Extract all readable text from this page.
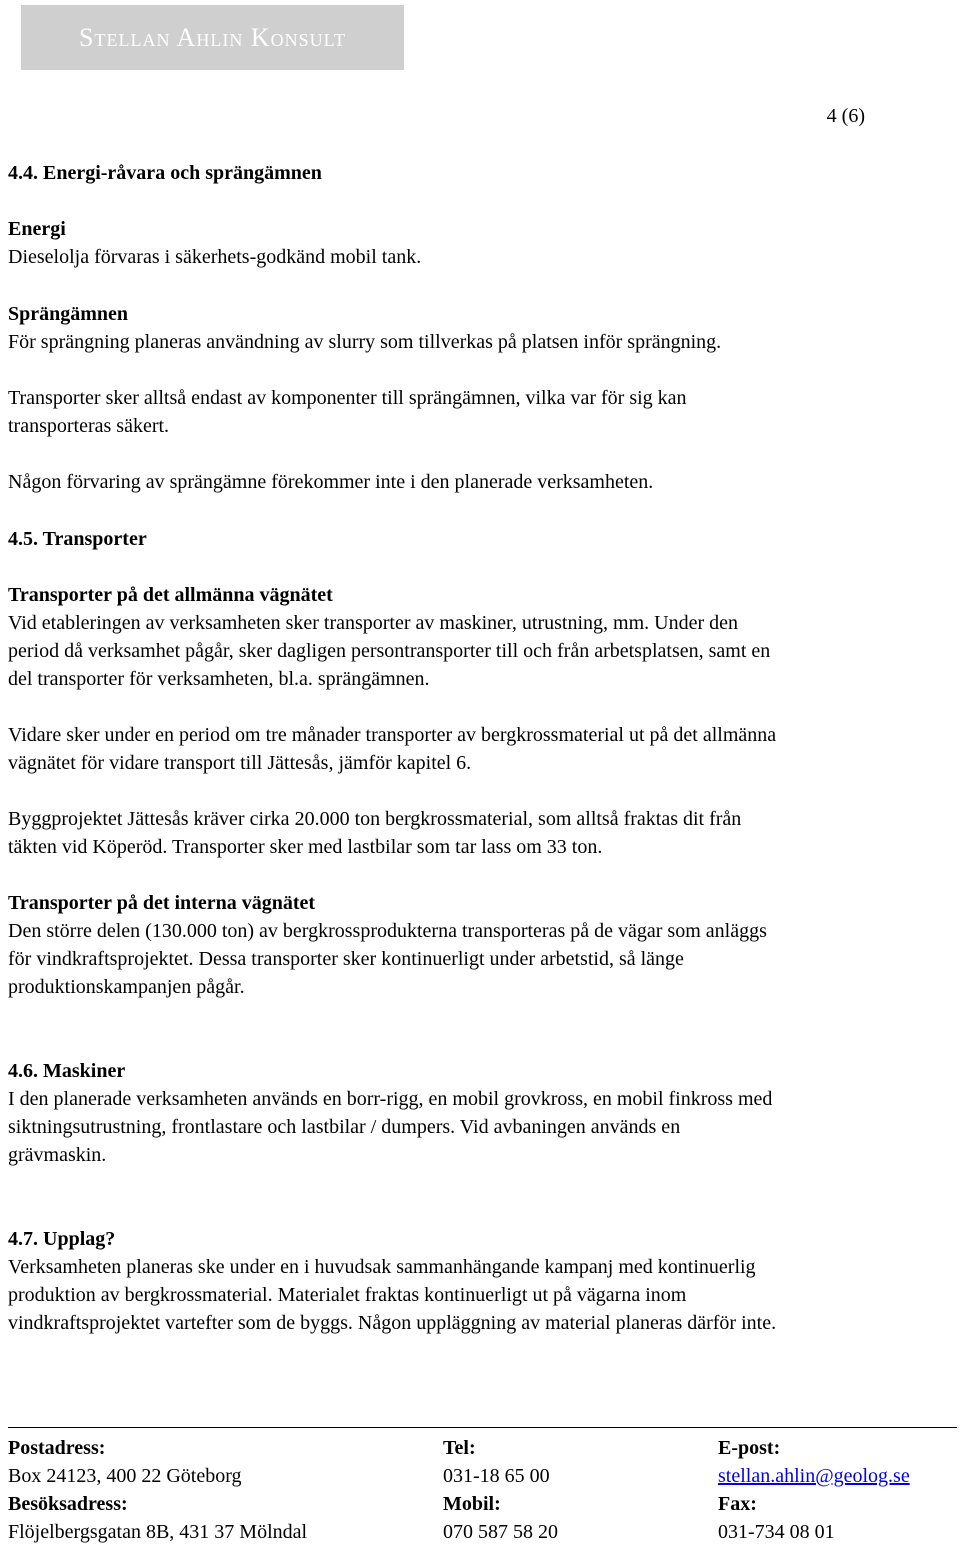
Stellan Ahlin Konsult
4 (6)

4.4. Energi-råvara och sprängämnen

Energi

Dieselolja förvaras i säkerhets-godkänd mobil tank.

Sprängämnen

För sprängning planeras användning av slurry som tillverkas på platsen inför sprängning.

Transporter sker alltså endast av komponenter till sprängämnen, vilka var för sig kan

transporteras säkert.

Någon förvaring av sprängämne förekommer inte i den planerade verksamheten.

4.5. Transporter

Transporter på det allmänna vägnätet

Vid etableringen av verksamheten sker transporter av maskiner, utrustning, mm. Under den

period då verksamhet pågår, sker dagligen persontransporter till och från arbetsplatsen, samt en

del transporter för verksamheten, bl.a. sprängämnen.

Vidare sker under en period om tre månader transporter av bergkrossmaterial ut på det allmänna

vägnätet för vidare transport till Jättesås, jämför kapitel 6.

Byggprojektet Jättesås kräver cirka 20.000 ton bergkrossmaterial, som alltså fraktas dit från

täkten vid Köperöd. Transporter sker med lastbilar som tar lass om 33 ton.

Transporter på det interna vägnätet

Den större delen (130.000 ton) av bergkrossprodukterna transporteras på de vägar som anläggs

för vindkraftsprojektet. Dessa transporter sker kontinuerligt under arbetstid, så länge

produktionskampanjen pågår.

4.6. Maskiner

I den planerade verksamheten används en borr-rigg, en mobil grovkross, en mobil finkross med

siktningsutrustning, frontlastare och lastbilar / dumpers. Vid avbaningen används en

grävmaskin.

4.7. Upplag?

Verksamheten planeras ske under en i huvudsak sammanhängande kampanj med kontinuerlig

produktion av bergkrossmaterial. Materialet fraktas kontinuerligt ut på vägarna inom

vindkraftsprojektet vartefter som de byggs. Någon uppläggning av material planeras därför inte.

Postadress:	Tel:	E-post:
Box 24123, 400 22 Göteborg	031-18 65 00	stellan.ahlin@geolog.se
Besöksadress:	Mobil:	Fax:
Flöjelbergsgatan 8B, 431 37 Mölndal	070 587 58 20	031-734 08 01
